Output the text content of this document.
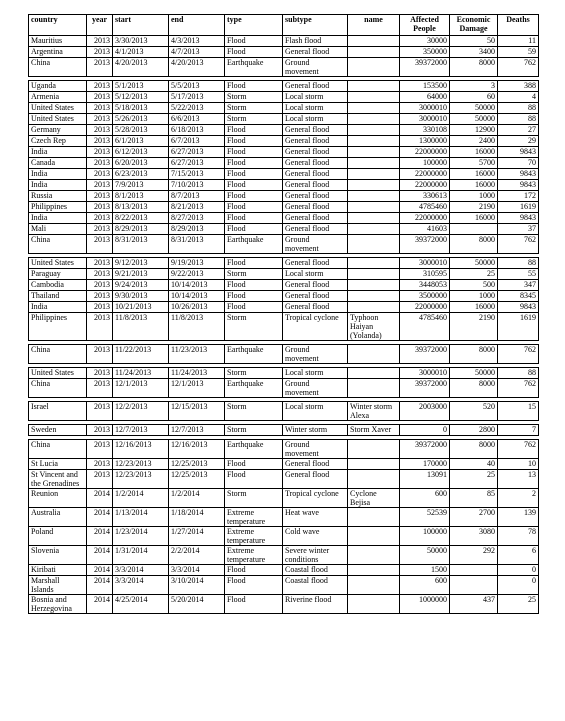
country	year	start	end	type	subtype	name	Affected People	Economic Damage	Deaths
Mauritius	2013	3/30/2013	4/3/2013	Flood	Flash flood		30000	50	11
Argentina	2013	4/1/2013	4/7/2013	Flood	General flood		350000	3400	59
China	2013	4/20/2013	4/20/2013	Earthquake	Ground movement		39372000	8000	762

Uganda	2013	5/1/2013	5/5/2013	Flood	General flood		153500	3	388
Armenia	2013	5/12/2013	5/17/2013	Storm	Local storm		64000	60	4
United States	2013	5/18/2013	5/22/2013	Storm	Local storm		3000010	50000	88
United States	2013	5/26/2013	6/6/2013	Storm	Local storm		3000010	50000	88
Germany	2013	5/28/2013	6/18/2013	Flood	General flood		330108	12900	27
Czech Rep	2013	6/1/2013	6/7/2013	Flood	General flood		1300000	2400	29
India	2013	6/12/2013	6/27/2013	Flood	General flood		22000000	16000	9843
Canada	2013	6/20/2013	6/27/2013	Flood	General flood		100000	5700	70
India	2013	6/23/2013	7/15/2013	Flood	General flood		22000000	16000	9843
India	2013	7/9/2013	7/10/2013	Flood	General flood		22000000	16000	9843
Russia	2013	8/1/2013	8/7/2013	Flood	General flood		330613	1000	172
Philippines	2013	8/13/2013	8/21/2013	Flood	General flood		4785460	2190	1619
India	2013	8/22/2013	8/27/2013	Flood	General flood		22000000	16000	9843
Mali	2013	8/29/2013	8/29/2013	Flood	General flood		41603		37
China	2013	8/31/2013	8/31/2013	Earthquake	Ground movement		39372000	8000	762

United States	2013	9/12/2013	9/19/2013	Flood	General flood		3000010	50000	88
Paraguay	2013	9/21/2013	9/22/2013	Storm	Local storm		310595	25	55
Cambodia	2013	9/24/2013	10/14/2013	Flood	General flood		3448053	500	347
Thailand	2013	9/30/2013	10/14/2013	Flood	General flood		3500000	1000	8345
India	2013	10/21/2013	10/26/2013	Flood	General flood		22000000	16000	9843
Philippines	2013	11/8/2013	11/8/2013	Storm	Tropical cyclone	Typhoon Haiyan (Yolanda)	4785460	2190	1619

China	2013	11/22/2013	11/23/2013	Earthquake	Ground movement		39372000	8000	762

United States	2013	11/24/2013	11/24/2013	Storm	Local storm		3000010	50000	88
China	2013	12/1/2013	12/1/2013	Earthquake	Ground movement		39372000	8000	762

Israel	2013	12/2/2013	12/15/2013	Storm	Local storm	Winter storm Alexa	2003000	520	15

Sweden	2013	12/7/2013	12/7/2013	Storm	Winter storm	Storm Xaver	0	2800	7

China	2013	12/16/2013	12/16/2013	Earthquake	Ground movement		39372000	8000	762
St Lucia	2013	12/23/2013	12/25/2013	Flood	General flood		170000	40	10
St Vincent and the Grenadines	2013	12/23/2013	12/25/2013	Flood	General flood		13091	25	13
Reunion	2014	1/2/2014	1/2/2014	Storm	Tropical cyclone	Cyclone Bejisa	600	85	2
Australia	2014	1/13/2014	1/18/2014	Extreme temperature	Heat wave		52539	2700	139
Poland	2014	1/23/2014	1/27/2014	Extreme temperature	Cold wave		100000	3080	78
Slovenia	2014	1/31/2014	2/2/2014	Extreme temperature	Severe winter conditions		50000	292	6
Kiribati	2014	3/3/2014	3/3/2014	Flood	Coastal flood		1500		0
Marshall Islands	2014	3/3/2014	3/10/2014	Flood	Coastal flood		600		0
Bosnia and Herzegovina	2014	4/25/2014	5/20/2014	Flood	Riverine flood		1000000	437	25
